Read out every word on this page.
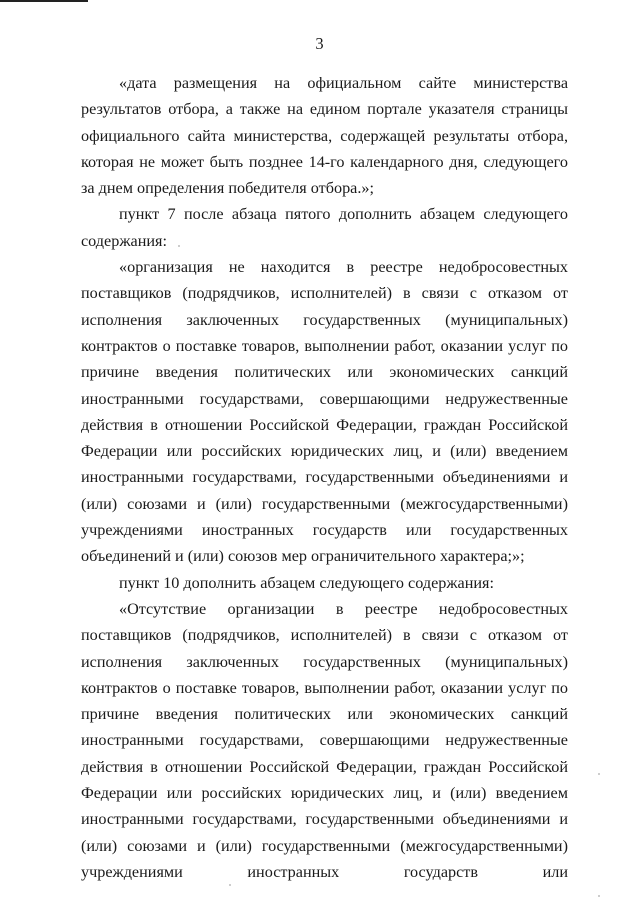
3

«дата размещения на официальном сайте министерства результатов отбора, а также на едином портале указателя страницы официального сайта министерства, содержащей результаты отбора, которая не может быть позднее 14-го календарного дня, следующего за днем определения победителя отбора.»;

пункт 7 после абзаца пятого дополнить абзацем следующего содержания:

«организация не находится в реестре недобросовестных поставщиков (подрядчиков, исполнителей) в связи с отказом от исполнения заключенных государственных (муниципальных) контрактов о поставке товаров, выполнении работ, оказании услуг по причине введения политических или экономических санкций иностранными государствами, совершающими недружественные действия в отношении Российской Федерации, граждан Российской Федерации или российских юридических лиц, и (или) введением иностранными государствами, государственными объединениями и (или) союзами и (или) государственными (межгосударственными) учреждениями иностранных государств или государственных объединений и (или) союзов мер ограничительного характера;»;

пункт 10 дополнить абзацем следующего содержания:

«Отсутствие организации в реестре недобросовестных поставщиков (подрядчиков, исполнителей) в связи с отказом от исполнения заключенных государственных (муниципальных) контрактов о поставке товаров, выполнении работ, оказании услуг по причине введения политических или экономических санкций иностранными государствами, совершающими недружественные действия в отношении Российской Федерации, граждан Российской Федерации или российских юридических лиц, и (или) введением иностранными государствами, государственными объединениями и (или) союзами и (или) государственными (межгосударственными) учреждениями иностранных государств или
